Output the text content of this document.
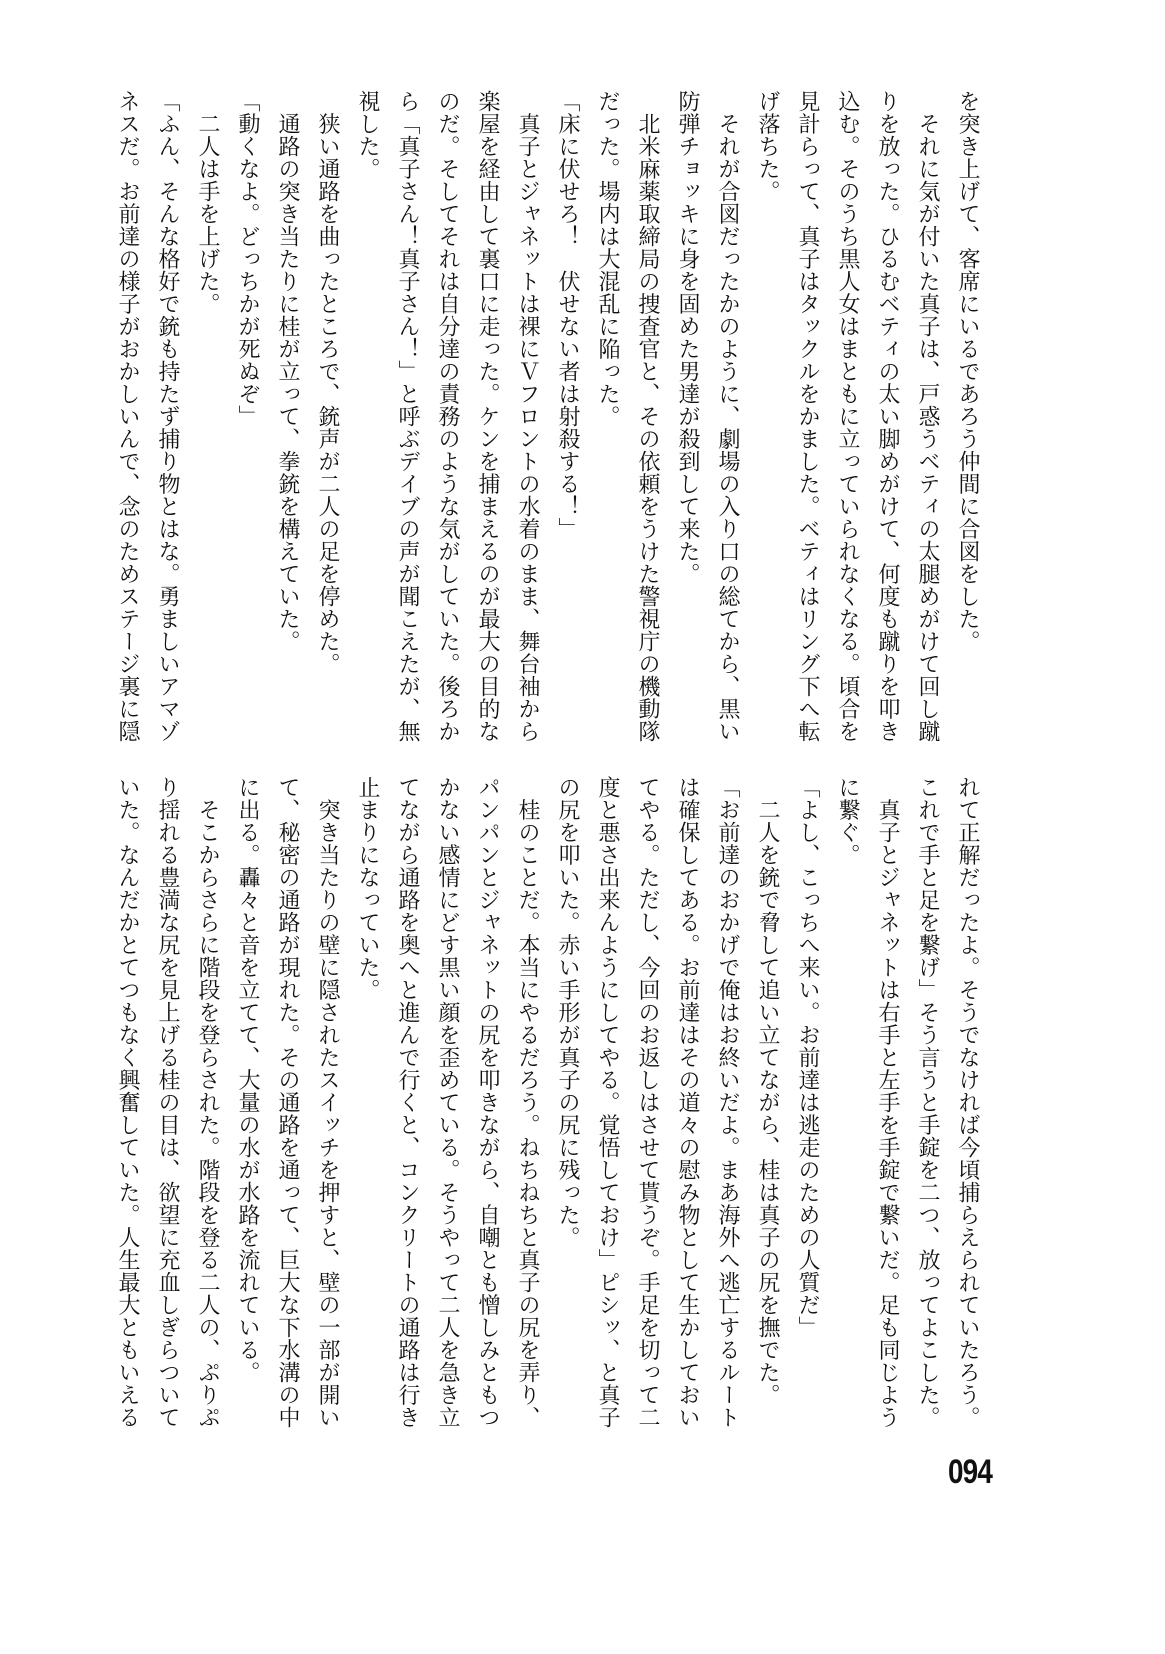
を突き上げて、客席にいるであろう仲間に合図をした。
　それに気が付いた真子は、戸惑うベティの太腿めがけて回し蹴
りを放った。ひるむベティの太い脚めがけて、何度も蹴りを叩き
込む。そのうち黒人女はまともに立っていられなくなる。頃合を
見計らって、真子はタックルをかました。ベティはリング下へ転
げ落ちた。
　それが合図だったかのように、劇場の入り口の総てから、黒い
防弾チョッキに身を固めた男達が殺到して来た。
　北米麻薬取締局の捜査官と、その依頼をうけた警視庁の機動隊
だった。場内は大混乱に陥った。
「床に伏せろ！　伏せない者は射殺する！」
　真子とジャネットは裸にＶフロントの水着のまま、舞台袖から
楽屋を経由して裏口に走った。ケンを捕まえるのが最大の目的な
のだ。そしてそれは自分達の責務のような気がしていた。後ろか
ら「真子さん！真子さん！」と呼ぶデイブの声が聞こえたが、無
視した。
　狭い通路を曲ったところで、銃声が二人の足を停めた。
　通路の突き当たりに桂が立って、拳銃を構えていた。
「動くなよ。どっちかが死ぬぞ」
　二人は手を上げた。
「ふん、そんな格好で銃も持たず捕り物とはな。勇ましいアマゾ
ネスだ。お前達の様子がおかしいんで、念のためステージ裏に隠
れて正解だったよ。そうでなければ今頃捕らえられていたろう。
これで手と足を繋げ」そう言うと手錠を二つ、放ってよこした。
　真子とジャネットは右手と左手を手錠で繋いだ。足も同じよう
に繋ぐ。
「よし、こっちへ来い。お前達は逃走のための人質だ」
　二人を銃で脅して追い立てながら、桂は真子の尻を撫でた。
「お前達のおかげで俺はお終いだよ。まあ海外へ逃亡するルート
は確保してある。お前達はその道々の慰み物として生かしておい
てやる。ただし、今回のお返しはさせて貰うぞ。手足を切って二
度と悪さ出来んようにしてやる。覚悟しておけ」ピシッ、と真子
の尻を叩いた。赤い手形が真子の尻に残った。
　桂のことだ。本当にやるだろう。ねちねちと真子の尻を弄り、
パンパンとジャネットの尻を叩きながら、自嘲とも憎しみともつ
かない感情にどす黒い顔を歪めている。そうやって二人を急き立
てながら通路を奥へと進んで行くと、コンクリートの通路は行き
止まりになっていた。
　突き当たりの壁に隠されたスイッチを押すと、壁の一部が開い
て、秘密の通路が現れた。その通路を通って、巨大な下水溝の中
に出る。轟々と音を立てて、大量の水が水路を流れている。
　そこからさらに階段を登らされた。階段を登る二人の、ぷりぷ
り揺れる豊満な尻を見上げる桂の目は、欲望に充血しぎらついて
いた。なんだかとてつもなく興奮していた。人生最大ともいえる
094
